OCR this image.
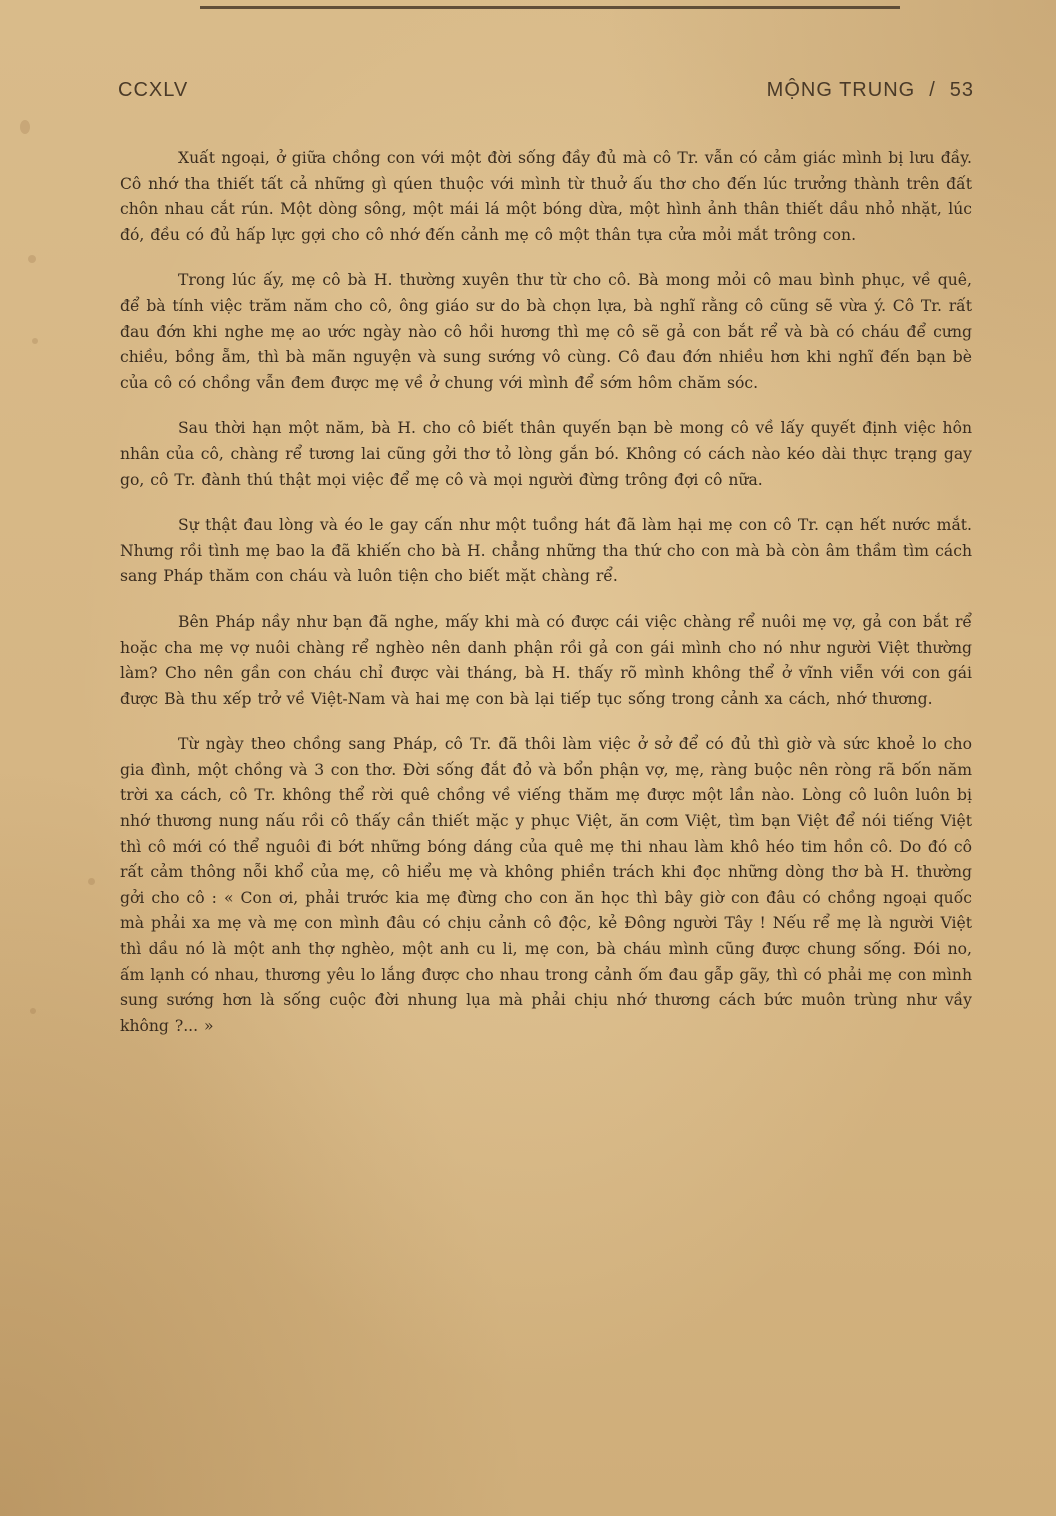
CCXLV	MỘNG TRUNG / 53

Xuất ngoại, ở giữa chồng con với một đời sống đầy đủ mà cô Tr. vẫn có cảm giác mình bị lưu đầy. Cô nhớ tha thiết tất cả những gì qúen thuộc với mình từ thuở ấu thơ cho đến lúc trưởng thành trên đất chôn nhau cắt rún. Một dòng sông, một mái lá một bóng dừa, một hình ảnh thân thiết dầu nhỏ nhặt, lúc đó, đều có đủ hấp lực gợi cho cô nhớ đến cảnh mẹ cô một thân tựa cửa mỏi mắt trông con.

Trong lúc ấy, mẹ cô bà H. thường xuyên thư từ cho cô. Bà mong mỏi cô mau bình phục, về quê, để bà tính việc trăm năm cho cô, ông giáo sư do bà chọn lựa, bà nghĩ rằng cô cũng sẽ vừa ý. Cô Tr. rất đau đớn khi nghe mẹ ao ước ngày nào cô hồi hương thì mẹ cô sẽ gả con bắt rể và bà có cháu để cưng chiều, bồng ẵm, thì bà mãn nguyện và sung sướng vô cùng. Cô đau đớn nhiều hơn khi nghĩ đến bạn bè của cô có chồng vẫn đem được mẹ về ở chung với mình để sớm hôm chăm sóc.

Sau thời hạn một năm, bà H. cho cô biết thân quyến bạn bè mong cô về lấy quyết định việc hôn nhân của cô, chàng rể tương lai cũng gởi thơ tỏ lòng gắn bó. Không có cách nào kéo dài thực trạng gay go, cô Tr. đành thú thật mọi việc để mẹ cô và mọi người đừng trông đợi cô nữa.

Sự thật đau lòng và éo le gay cấn như một tuồng hát đã làm hại mẹ con cô Tr. cạn hết nước mắt. Nhưng rồi tình mẹ bao la đã khiến cho bà H. chẳng những tha thứ cho con mà bà còn âm thầm tìm cách sang Pháp thăm con cháu và luôn tiện cho biết mặt chàng rể.

Bên Pháp nầy như bạn đã nghe, mấy khi mà có được cái việc chàng rể nuôi mẹ vợ, gả con bắt rể hoặc cha mẹ vợ nuôi chàng rể nghèo nên danh phận rồi gả con gái mình cho nó như người Việt thường làm? Cho nên gần con cháu chỉ được vài tháng, bà H. thấy rõ mình không thể ở vĩnh viễn với con gái được Bà thu xếp trở về Việt-Nam và hai mẹ con bà lại tiếp tục sống trong cảnh xa cách, nhớ thương.

Từ ngày theo chồng sang Pháp, cô Tr. đã thôi làm việc ở sở để có đủ thì giờ và sức khoẻ lo cho gia đình, một chồng và 3 con thơ. Đời sống đắt đỏ và bổn phận vợ, mẹ, ràng buộc nên ròng rã bốn năm trời xa cách, cô Tr. không thể rời quê chồng về viếng thăm mẹ được một lần nào. Lòng cô luôn luôn bị nhớ thương nung nấu rồi cô thấy cần thiết mặc y phục Việt, ăn cơm Việt, tìm bạn Việt để nói tiếng Việt thì cô mới có thể nguôi đi bớt những bóng dáng của quê mẹ thi nhau làm khô héo tim hồn cô. Do đó cô rất cảm thông nỗi khổ của mẹ, cô hiểu mẹ và không phiền trách khi đọc những dòng thơ bà H. thường gởi cho cô : « Con ơi, phải trước kia mẹ đừng cho con ăn học thì bây giờ con đâu có chồng ngoại quốc mà phải xa mẹ và mẹ con mình đâu có chịu cảnh cô độc, kẻ Đông người Tây ! Nếu rể mẹ là người Việt thì dầu nó là một anh thợ nghèo, một anh cu li, mẹ con, bà cháu mình cũng được chung sống. Đói no, ấm lạnh có nhau, thương yêu lo lắng được cho nhau trong cảnh ốm đau gẫp gãy, thì có phải mẹ con mình sung sướng hơn là sống cuộc đời nhung lụa mà phải chịu nhớ thương cách bức muôn trùng như vầy không ?... »
